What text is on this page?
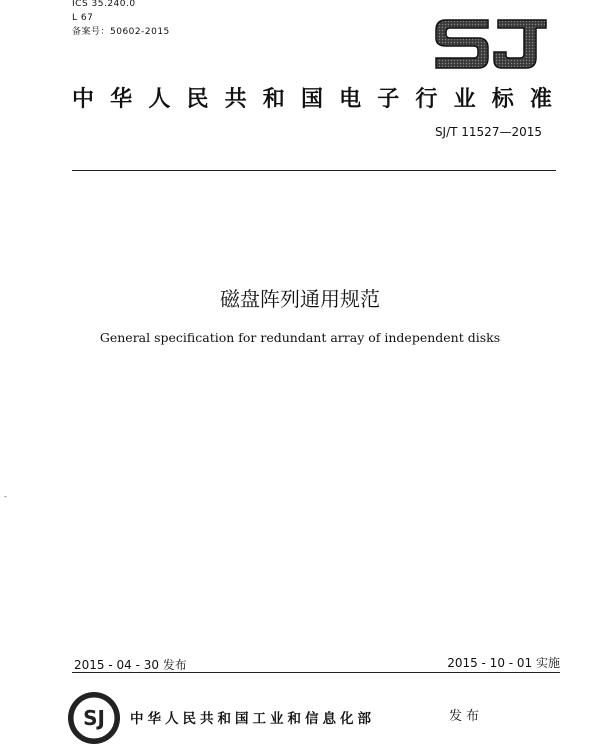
ICS 35.240.0
L 67
备案号：50602-2015
中 华 人 民 共 和 国 电 子 行 业 标 准
SJ/T 11527—2015
磁盘阵列通用规范
General specification for redundant array of independent disks
-
2015 - 04 - 30 发布	2015 - 10 - 01 实施
SJ 中华人民共和国工业和信息化部	发布
